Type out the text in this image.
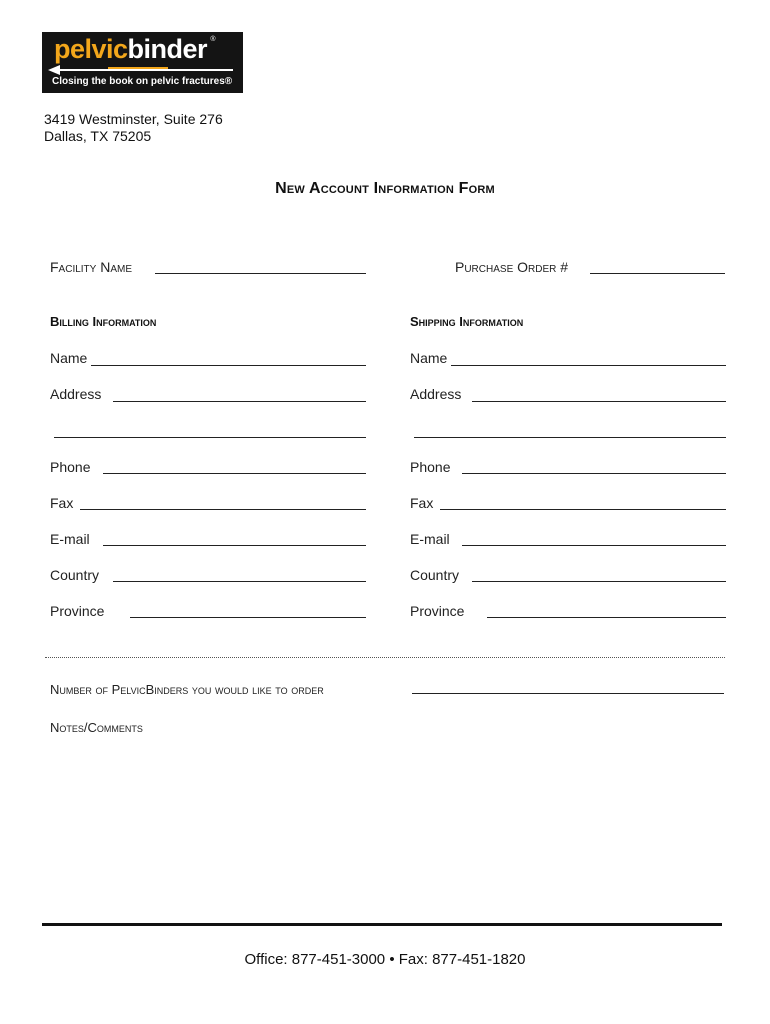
pelvicbinder ®
Closing the book on pelvic fractures®
3419 Westminster, Suite 276
Dallas, TX 75205
New Account Information Form
Facility Name	Purchase Order #
Billing Information	Shipping Information
Name
Address
Phone
Fax
E-mail
Country
Province
Name
Address
Phone
Fax
E-mail
Country
Province
Number of PelvicBinders you would like to order
Notes/Comments
Office: 877-451-3000 • Fax: 877-451-1820
